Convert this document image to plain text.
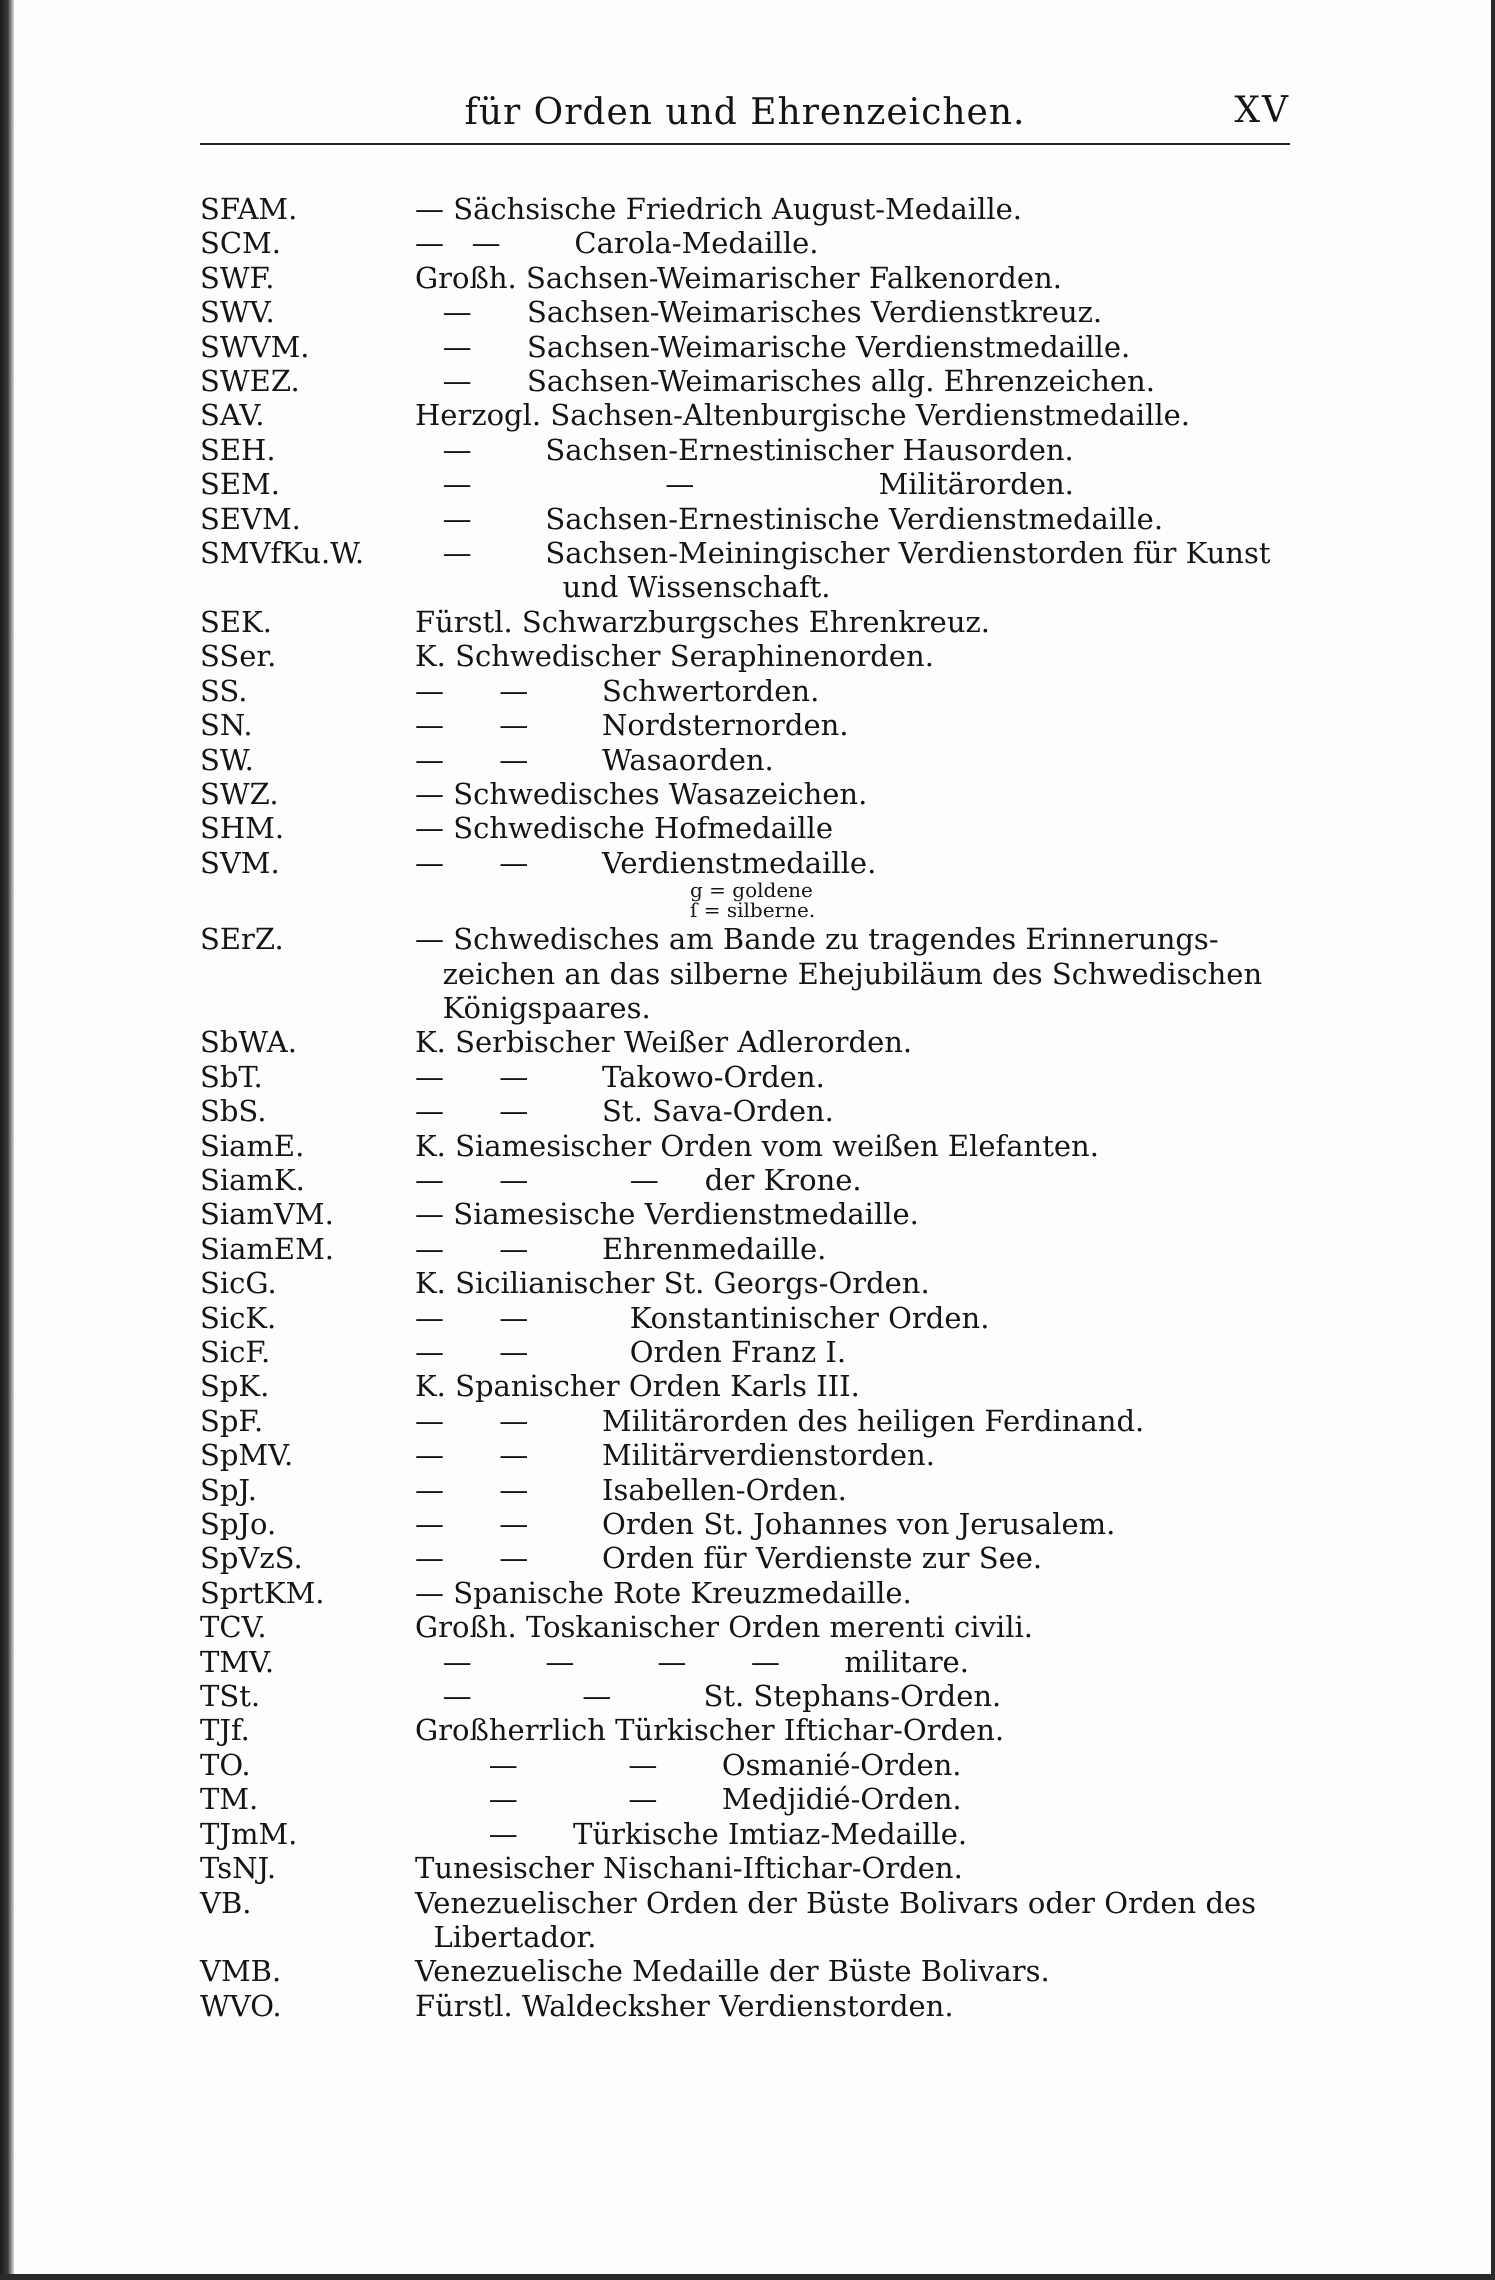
für Orden und Ehrenzeichen.	XV
SFAM.	— Sächsische Friedrich August-Medaille.
SCM.	—   —        Carola-Medaille.
SWF.	Großh. Sachsen-Weimarischer Falkenorden.
SWV.	—      Sachsen-Weimarisches Verdienstkreuz.
SWVM.	—      Sachsen-Weimarische Verdienstmedaille.
SWEZ.	—      Sachsen-Weimarisches allg. Ehrenzeichen.
SAV.	Herzogl. Sachsen-Altenburgische Verdienstmedaille.
SEH.	—        Sachsen-Ernestinischer Hausorden.
SEM.	—                     —                    Militärorden.
SEVM.	—        Sachsen-Ernestinische Verdienstmedaille.
SMVfKu.W.	—        Sachsen-Meiningischer Verdienstorden für Kunst
und Wissenschaft.
SEK.	Fürstl. Schwarzburgsches Ehrenkreuz.
SSer.	K. Schwedischer Seraphinenorden.
SS.	—      —        Schwertorden.
SN.	—      —        Nordsternorden.
SW.	—      —        Wasaorden.
SWZ.	— Schwedisches Wasazeichen.
SHM.	— Schwedische Hofmedaille
SVM.	—      —        Verdienstmedaille.
g = goldene
ſ = silberne.
SErZ.	— Schwedisches am Bande zu tragendes Erinnerungs-
zeichen an das silberne Ehejubiläum des Schwedischen
Königspaares.
SbWA.	K. Serbischer Weißer Adlerorden.
SbT.	—      —        Takowo-Orden.
SbS.	—      —        St. Sava-Orden.
SiamE.	K. Siamesischer Orden vom weißen Elefanten.
SiamK.	—      —           —     der Krone.
SiamVM.	— Siamesische Verdienstmedaille.
SiamEM.	—      —        Ehrenmedaille.
SicG.	K. Sicilianischer St. Georgs-Orden.
SicK.	—      —           Konstantinischer Orden.
SicF.	—      —           Orden Franz I.
SpK.	K. Spanischer Orden Karls III.
SpF.	—      —        Militärorden des heiligen Ferdinand.
SpMV.	—      —        Militärverdienstorden.
SpJ.	—      —        Isabellen-Orden.
SpJo.	—      —        Orden St. Johannes von Jerusalem.
SpVzS.	—      —        Orden für Verdienste zur See.
SprtKM.	— Spanische Rote Kreuzmedaille.
TCV.	Großh. Toskanischer Orden merenti civili.
TMV.	—        —         —       —       militare.
TSt.	—            —          St. Stephans-Orden.
TJf.	Großherrlich Türkischer Iftichar-Orden.
TO.	—            —       Osmanié-Orden.
TM.	—            —       Medjidié-Orden.
TJmM.	—      Türkische Imtiaz-Medaille.
TsNJ.	Tunesischer Nischani-Iftichar-Orden.
VB.	Venezuelischer Orden der Büste Bolivars oder Orden des
Libertador.
VMB.	Venezuelische Medaille der Büste Bolivars.
WVO.	Fürstl. Waldecksher Verdienstorden.
